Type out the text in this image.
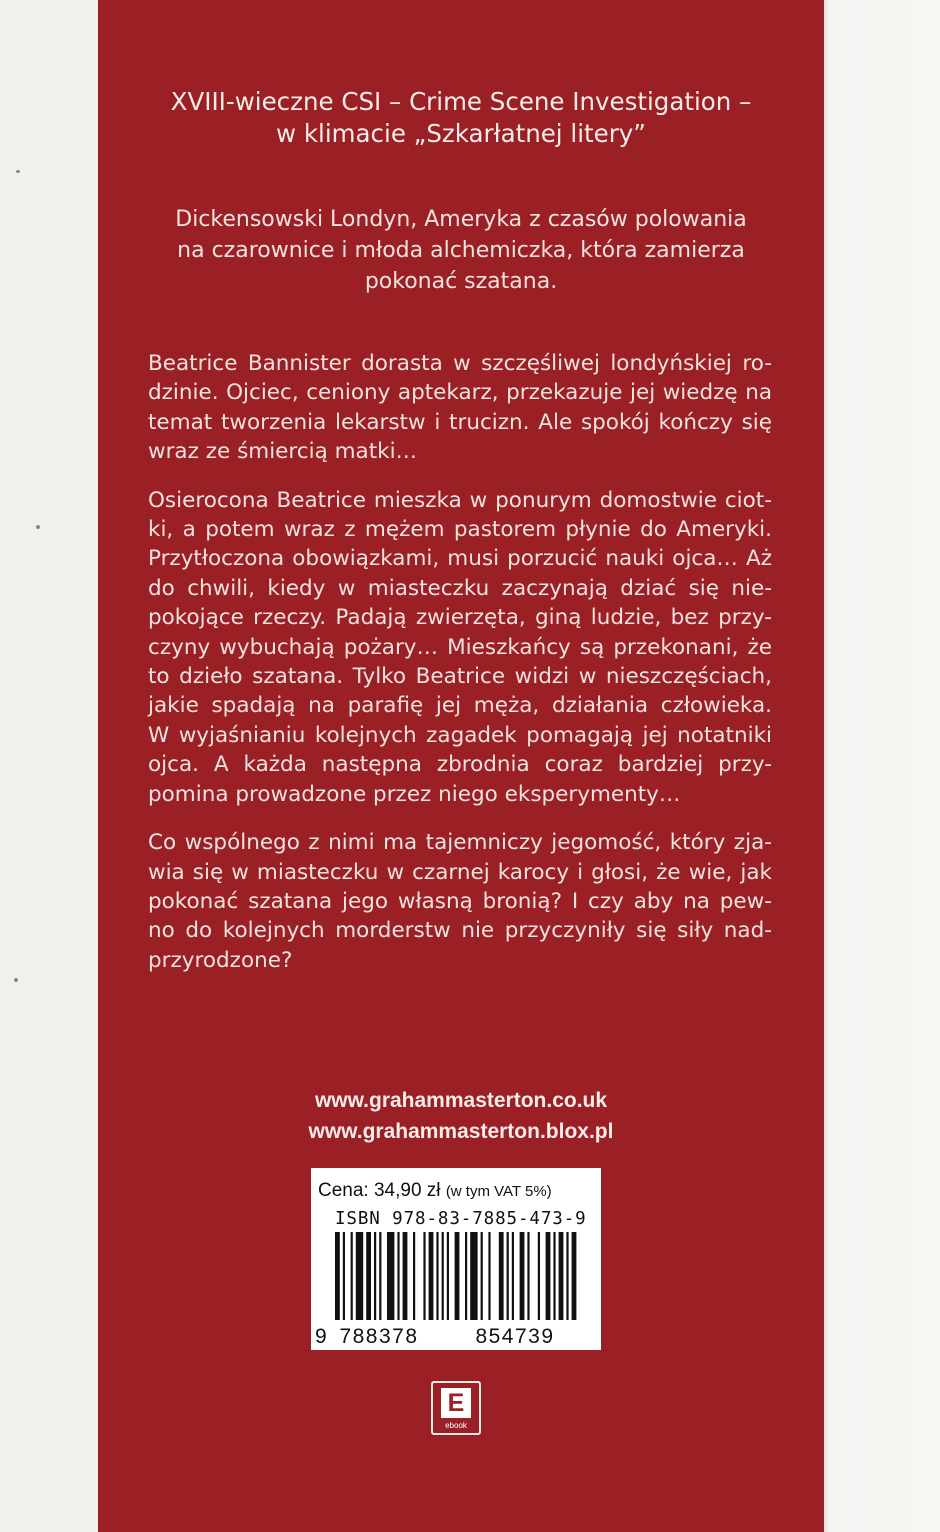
XVIII-wieczne CSI – Crime Scene Investigation –
w klimacie „Szkarłatnej litery”
Dickensowski Londyn, Ameryka z czasów polowania
na czarownice i młoda alchemiczka, która zamierza
pokonać szatana.
Beatrice Bannister dorasta w szczęśliwej londyńskiej ro-
dzinie. Ojciec, ceniony aptekarz, przekazuje jej wiedzę na
temat tworzenia lekarstw i trucizn. Ale spokój kończy się
wraz ze śmiercią matki…
Osierocona Beatrice mieszka w ponurym domostwie ciot-
ki, a potem wraz z mężem pastorem płynie do Ameryki.
Przytłoczona obowiązkami, musi porzucić nauki ojca… Aż
do chwili, kiedy w miasteczku zaczynają dziać się nie-
pokojące rzeczy. Padają zwierzęta, giną ludzie, bez przy-
czyny wybuchają pożary… Mieszkańcy są przekonani, że
to dzieło szatana. Tylko Beatrice widzi w nieszczęściach,
jakie spadają na parafię jej męża, działania człowieka.
W wyjaśnianiu kolejnych zagadek pomagają jej notatniki
ojca. A każda następna zbrodnia coraz bardziej przy-
pomina prowadzone przez niego eksperymenty…
Co wspólnego z nimi ma tajemniczy jegomość, który zja-
wia się w miasteczku w czarnej karocy i głosi, że wie, jak
pokonać szatana jego własną bronią? I czy aby na pew-
no do kolejnych morderstw nie przyczyniły się siły nad-
przyrodzone?
www.grahammasterton.co.uk
www.grahammasterton.blox.pl
Cena: 34,90 zł (w tym VAT 5%)
ISBN 978-83-7885-473-9
9 788378	854739
E
ebook
